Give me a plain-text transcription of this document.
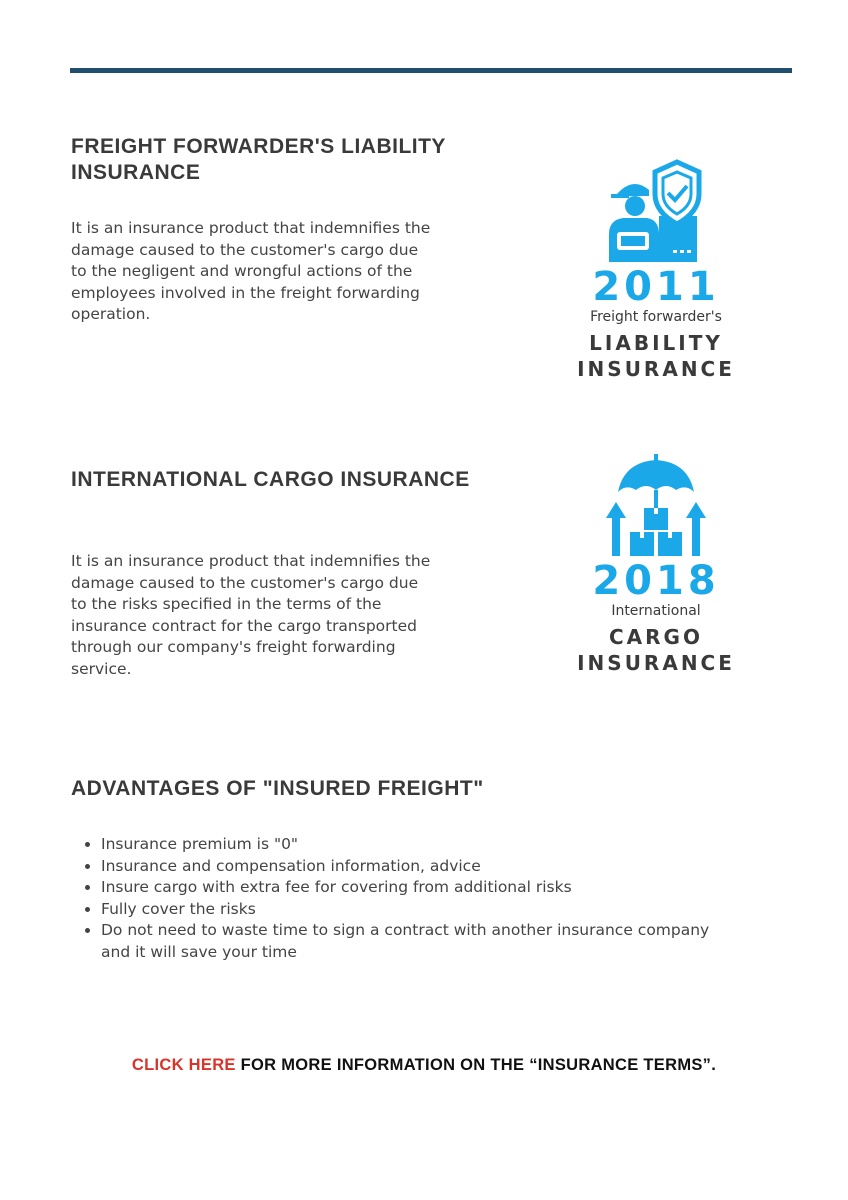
FREIGHT FORWARDER'S LIABILITY INSURANCE

It is an insurance product that indemnifies the damage caused to the customer's cargo due to the negligent and wrongful actions of the employees involved in the freight forwarding operation.

2011
Freight forwarder's
LIABILITY
INSURANCE
INTERNATIONAL CARGO INSURANCE

It is an insurance product that indemnifies the damage caused to the customer's cargo due to the risks specified in the terms of the insurance contract for the cargo transported through our company's freight forwarding service.

2018
International
CARGO
INSURANCE
ADVANTAGES OF "INSURED FREIGHT"
• Insurance premium is "0"
• Insurance and compensation information, advice
• Insure cargo with extra fee for covering from additional risks
• Fully cover the risks
• Do not need to waste time to sign a contract with another insurance company and it will save your time
CLICK HERE FOR MORE INFORMATION ON THE “INSURANCE TERMS”.
